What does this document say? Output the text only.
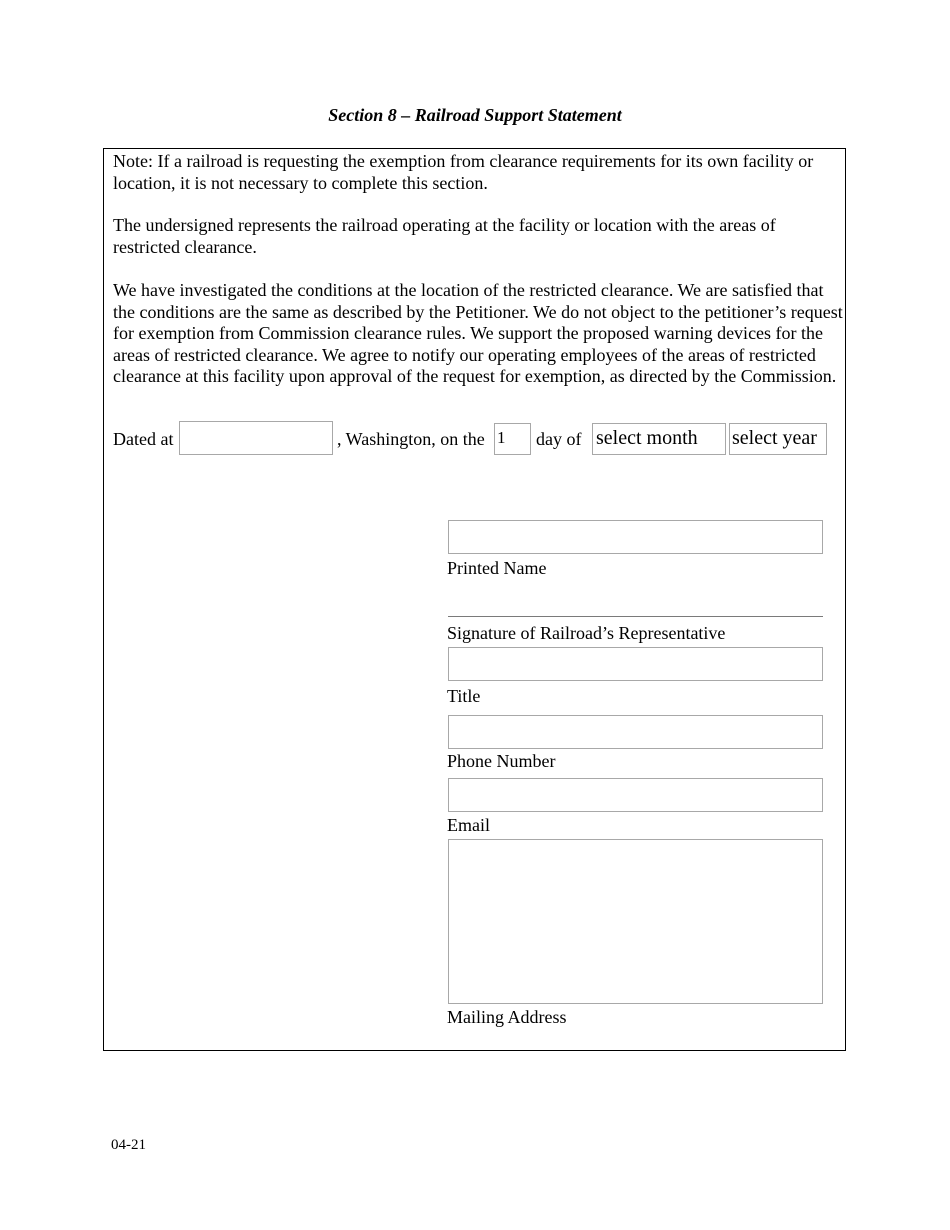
Section 8 – Railroad Support Statement

Note: If a railroad is requesting the exemption from clearance requirements for its own facility or location, it is not necessary to complete this section.

The undersigned represents the railroad operating at the facility or location with the areas of restricted clearance.

We have investigated the conditions at the location of the restricted clearance. We are satisfied that the conditions are the same as described by the Petitioner. We do not object to the petitioner’s request for exemption from Commission clearance rules. We support the proposed warning devices for the areas of restricted clearance. We agree to notify our operating employees of the areas of restricted clearance at this facility upon approval of the request for exemption, as directed by the Commission.

Dated at	, Washington, on the 1	day of select month	select year
Printed Name
Signature of Railroad’s Representative
Title
Phone Number
Email
Mailing Address
04-21
